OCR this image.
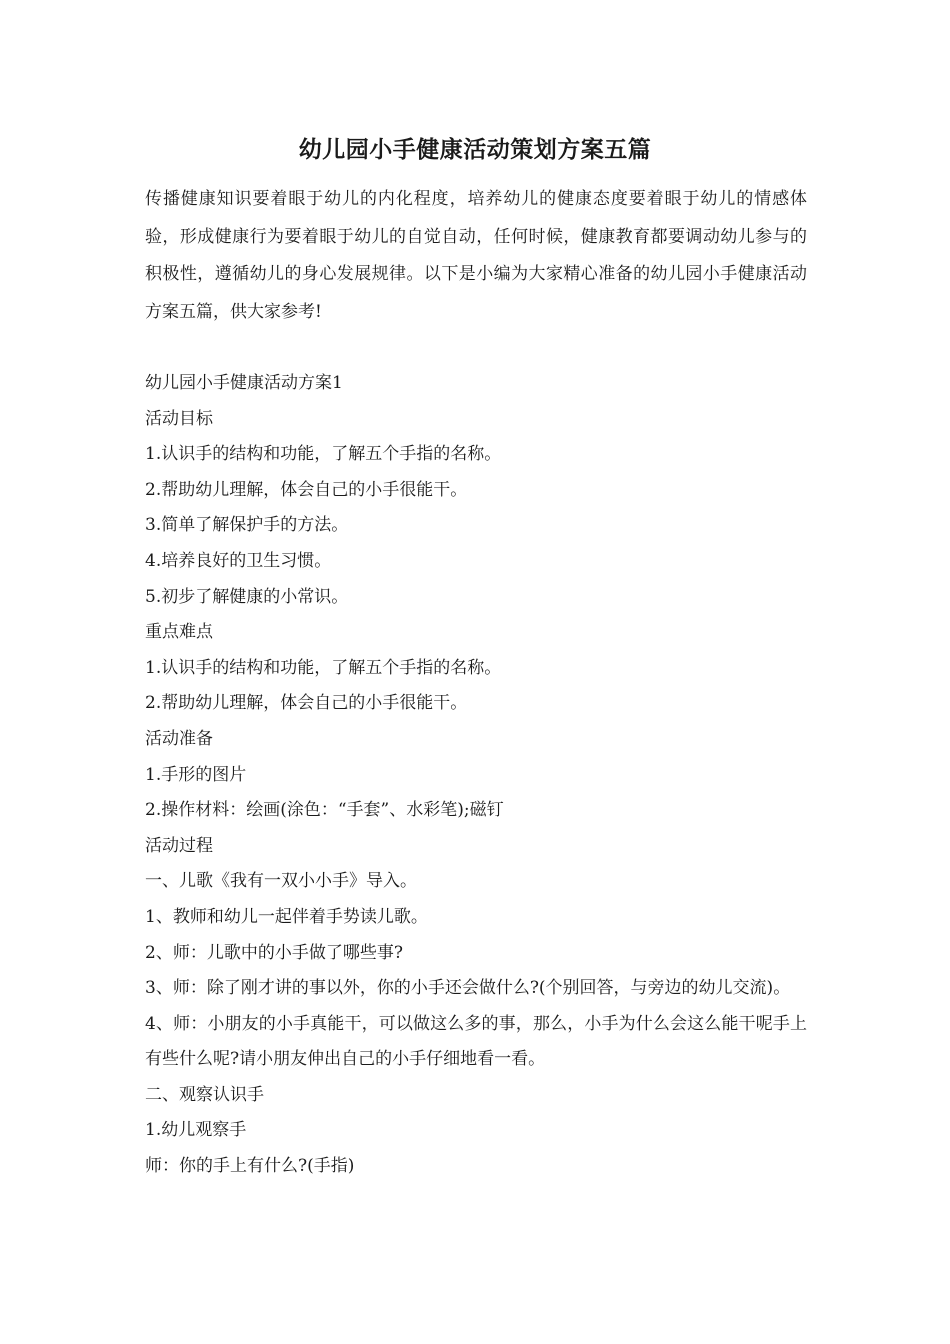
幼儿园小手健康活动策划方案五篇

传播健康知识要着眼于幼儿的内化程度，培养幼儿的健康态度要着眼于幼儿的情感体验，形成健康行为要着眼于幼儿的自觉自动，任何时候，健康教育都要调动幼儿参与的积极性，遵循幼儿的身心发展规律。以下是小编为大家精心准备的幼儿园小手健康活动方案五篇，供大家参考!

幼儿园小手健康活动方案1
活动目标
1.认识手的结构和功能，了解五个手指的名称。
2.帮助幼儿理解，体会自己的小手很能干。
3.简单了解保护手的方法。
4.培养良好的卫生习惯。
5.初步了解健康的小常识。
重点难点
1.认识手的结构和功能，了解五个手指的名称。
2.帮助幼儿理解，体会自己的小手很能干。
活动准备
1.手形的图片
2.操作材料：绘画(涂色：“手套”、水彩笔);磁钉
活动过程
一、儿歌《我有一双小小手》导入。
1、教师和幼儿一起伴着手势读儿歌。
2、师：儿歌中的小手做了哪些事?
3、师：除了刚才讲的事以外，你的小手还会做什么?(个别回答，与旁边的幼儿交流)。
4、师：小朋友的小手真能干，可以做这么多的事，那么，小手为什么会这么能干呢手上有些什么呢?请小朋友伸出自己的小手仔细地看一看。
二、观察认识手
1.幼儿观察手
师：你的手上有什么?(手指)
